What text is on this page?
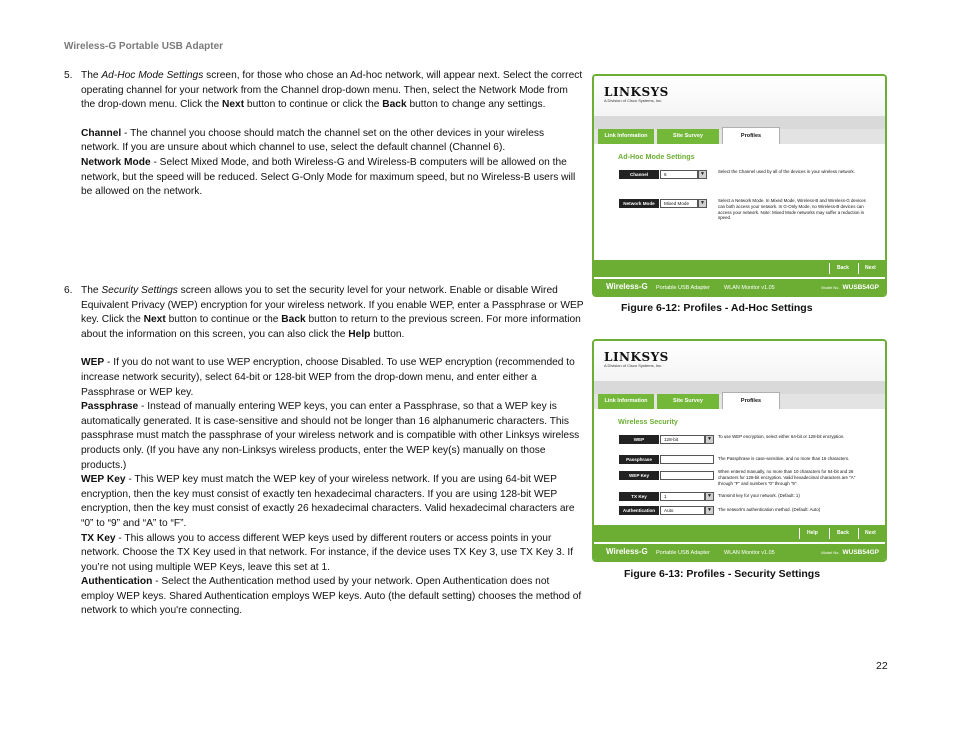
Wireless-G Portable USB Adapter
5. The Ad-Hoc Mode Settings screen, for those who chose an Ad-hoc network, will appear next. Select the correct operating channel for your network from the Channel drop-down menu. Then, select the Network Mode from the drop-down menu. Click the Next button to continue or click the Back button to change any settings.
Channel - The channel you choose should match the channel set on the other devices in your wireless network. If you are unsure about which channel to use, select the default channel (Channel 6).
Network Mode - Select Mixed Mode, and both Wireless-G and Wireless-B computers will be allowed on the network, but the speed will be reduced. Select G-Only Mode for maximum speed, but no Wireless-B users will be allowed on the network.
6. The Security Settings screen allows you to set the security level for your network. Enable or disable Wired Equivalent Privacy (WEP) encryption for your wireless network. If you enable WEP, enter a Passphrase or WEP key. Click the Next button to continue or the Back button to return to the previous screen. For more information about the information on this screen, you can also click the Help button.
WEP - If you do not want to use WEP encryption, choose Disabled. To use WEP encryption (recommended to increase network security), select 64-bit or 128-bit WEP from the drop-down menu, and enter either a Passphrase or WEP key.
Passphrase - Instead of manually entering WEP keys, you can enter a Passphrase, so that a WEP key is automatically generated. It is case-sensitive and should not be longer than 16 alphanumeric characters. This passphrase must match the passphrase of your wireless network and is compatible with other Linksys wireless products only. (If you have any non-Linksys wireless products, enter the WEP key(s) manually on those products.)
WEP Key - This WEP key must match the WEP key of your wireless network. If you are using 64-bit WEP encryption, then the key must consist of exactly ten hexadecimal characters. If you are using 128-bit WEP encryption, then the key must consist of exactly 26 hexadecimal characters. Valid hexadecimal characters are “0” to “9” and “A” to “F”.
TX Key - This allows you to access different WEP keys used by different routers or access points in your network. Choose the TX Key used in that network. For instance, if the device uses TX Key 3, use TX Key 3. If you’re not using multiple WEP Keys, leave this set at 1.
Authentication - Select the Authentication method used by your network. Open Authentication does not employ WEP keys. Shared Authentication employs WEP keys. Auto (the default setting) chooses the method of network to which you're connecting.
LINKSYS
A Division of Cisco Systems, Inc.
Link Information	Site Survey	Profiles
Ad-Hoc Mode Settings
Channel	6	▼	Select the Channel used by all of the devices in your wireless network.
Network Mode	Mixed Mode	▼	Select a Network Mode. In Mixed Mode, Wireless-B and Wireless-G devices can both access your network. In G-Only Mode, no Wireless-B devices can access your network. Note: Mixed Mode networks may suffer a reduction in speed.
Back	Next
Wireless-G Portable USB Adapter	WLAN Monitor v1.05	Model No. WUSB54GP
Figure 6-12: Profiles - Ad-Hoc Settings
LINKSYS
A Division of Cisco Systems, Inc.
Link Information	Site Survey	Profiles
Wireless Security
WEP	128-bit	▼	To use WEP encryption, select either 64-bit or 128-bit encryption.
Passphrase	The Passphrase is case-sensitive, and no more than 16 characters.
WEP Key
When entered manually, no more than 10 characters for 64-bit and 26 characters for 128-bit encryption. Valid hexadecimal characters are "A" through "F" and numbers "0" through "9".
TX Key	1	▼	Transmit key for your network. (Default: 1)
Authentication	Auto	▼	The network's authentication method. (Default: Auto)
Help	Back	Next
Wireless-G Portable USB Adapter	WLAN Monitor v1.05	Model No. WUSB54GP
Figure 6-13: Profiles - Security Settings
22
